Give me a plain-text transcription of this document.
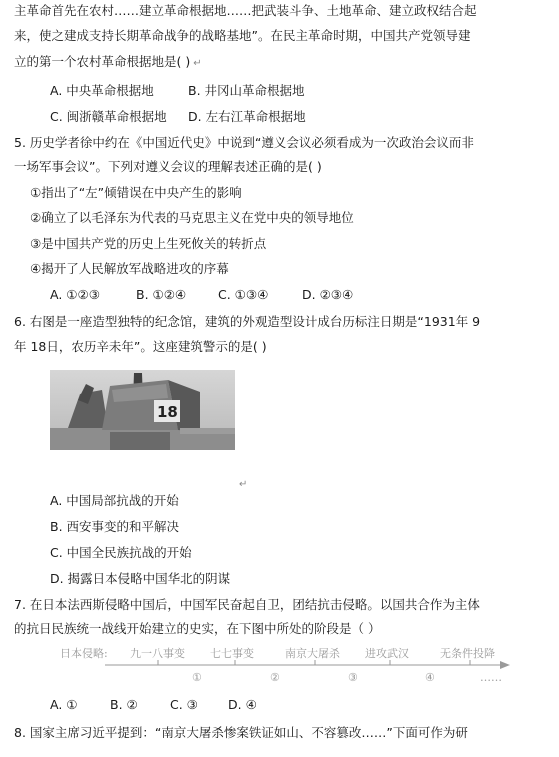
主革命首先在农村……建立革命根据地……把武装斗争、土地革命、建立政权结合起
来，使之建成支持长期革命战争的战略基地”。在民主革命时期，中国共产党领导建
立的第一个农村革命根据地是( ) ↵
A. 中央革命根据地	B. 井冈山革命根据地
C. 闽浙赣革命根据地 D. 左右江革命根据地
5. 历史学者徐中约在《中国近代史》中说到“遵义会议必须看成为一次政治会议而非
一场军事会议”。下列对遵义会议的理解表述正确的是( )
①指出了“左”倾错误在中央产生的影响
②确立了以毛泽东为代表的马克思主义在党中央的领导地位
③是中国共产党的历史上生死攸关的转折点
④揭开了人民解放军战略进攻的序幕
A. ①②③	B. ①②④	C. ①③④	D. ②③④
6. 右图是一座造型独特的纪念馆，建筑的外观造型设计成台历标注日期是“1931年 9
年 18日，农历辛未年”。这座建筑警示的是( )
18
↵
A. 中国局部抗战的开始
B. 西安事变的和平解决
C. 中国全民族抗战的开始
D. 揭露日本侵略中国华北的阴谋
7. 在日本法西斯侵略中国后，中国军民奋起自卫，团结抗击侵略。以国共合作为主体
的抗日民族统一战线开始建立的史实，在下图中所处的阶段是（ ）
日本侵略: 九一八事变 七七事变	南京大屠杀 进攻武汉	无条件投降
①	②	③	④	……
A. ①	B. ②	C. ③ D. ④
8. 国家主席习近平提到：“南京大屠杀惨案铁证如山、不容篡改……”下面可作为研
